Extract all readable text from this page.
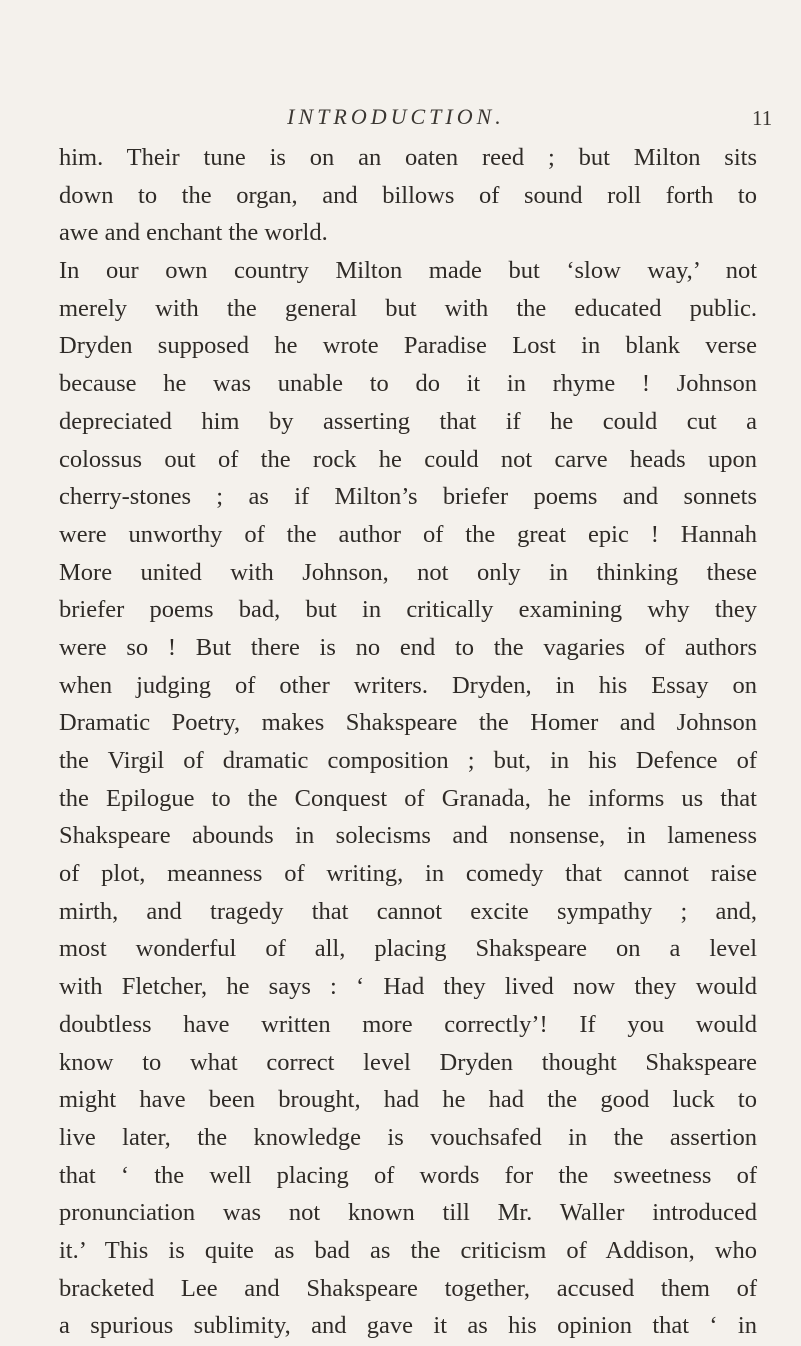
INTRODUCTION.	11
him. Their tune is on an oaten reed ; but Milton sits
down to the organ, and billows of sound roll forth to
awe and enchant the world.
In our own country Milton made but ‘slow way,’ not
merely with the general but with the educated public.
Dryden supposed he wrote Paradise Lost in blank verse
because he was unable to do it in rhyme ! Johnson
depreciated him by asserting that if he could cut a
colossus out of the rock he could not carve heads upon
cherry-stones ; as if Milton’s briefer poems and sonnets
were unworthy of the author of the great epic ! Hannah
More united with Johnson, not only in thinking these
briefer poems bad, but in critically examining why they
were so ! But there is no end to the vagaries of authors
when judging of other writers. Dryden, in his Essay on
Dramatic Poetry, makes Shakspeare the Homer and Johnson
the Virgil of dramatic composition ; but, in his Defence of
the Epilogue to the Conquest of Granada, he informs us that
Shakspeare abounds in solecisms and nonsense, in lameness
of plot, meanness of writing, in comedy that cannot raise
mirth, and tragedy that cannot excite sympathy ; and,
most wonderful of all, placing Shakspeare on a level
with Fletcher, he says : ‘ Had they lived now they would
doubtless have written more correctly’! If you would
know to what correct level Dryden thought Shakspeare
might have been brought, had he had the good luck to
live later, the knowledge is vouchsafed in the assertion
that ‘ the well placing of words for the sweetness of
pronunciation was not known till Mr. Waller introduced
it.’ This is quite as bad as the criticism of Addison, who
bracketed Lee and Shakspeare together, accused them of
a spurious sublimity, and gave it as his opinion that ‘ in
